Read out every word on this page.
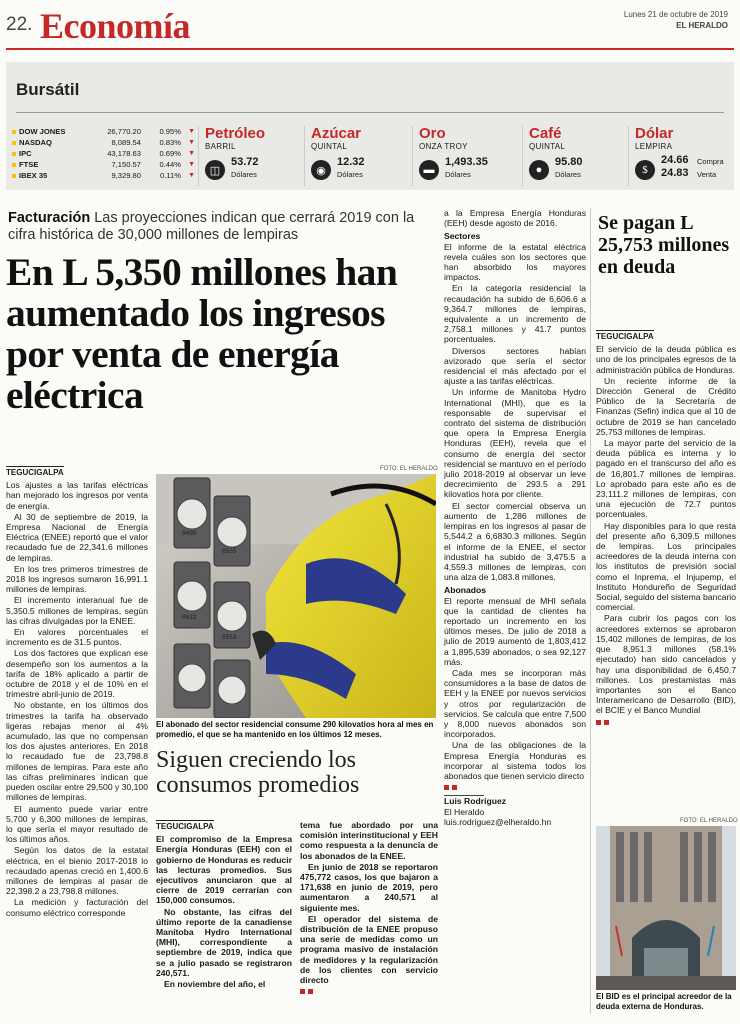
22. Economía	Lunes 21 de octubre de 2019
EL HERALDO
Bursátil
DOW JONES	26,770.20	0.95%	▼
NASDAQ	8,089.54	0.83%	▼
IPC	43,178.63	0.69%	▼
FTSE	7,150.57	0.44%	▼
IBEX 35	9,329.80	0.11%	▼
Petróleo
BARRIL
◫
53.72
Dólares
Azúcar
QUINTAL
◉
12.32
Dólares
Oro
ONZA TROY
▬
1,493.35
Dólares
Café
QUINTAL
●
95.80
Dólares
Dólar
LEMPIRA
$
24.66
24.83
Compra
Venta
Facturación Las proyecciones indican que cerrará 2019 con la cifra histórica de 30,000 millones de lempiras
En L 5,350 millones han aumentado los ingresos por venta de energía eléctrica
TEGUCIGALPA

Los ajustes a las tarifas eléctricas han mejorado los ingresos por venta de energía.

Al 30 de septiembre de 2019, la Empresa Nacional de Energía Eléctrica (ENEE) reportó que el valor recaudado fue de 22,341.6 millones de lempiras.

En los tres primeros trimestres de 2018 los ingresos sumaron 16,991.1 millones de lempiras.

El incremento interanual fue de 5,350.5 millones de lempiras, según las cifras divulgadas por la ENEE.

En valores porcentuales el incremento es de 31.5 puntos.

Los dos factores que explican ese desempeño son los aumentos a la tarifa de 18% aplicado a partir de octubre de 2018 y el de 10% en el trimestre abril-junio de 2019.

No obstante, en los últimos dos trimestres la tarifa ha observado ligeras rebajas menor al 4% acumulado, las que no compensan los dos ajustes anteriores. En 2018 lo recaudado fue de 23,798.8 millones de lempiras. Para este año las cifras preliminares indican que pueden oscilar entre 29,500 y 30,100 millones de lempiras.

El aumento puede variar entre 5,700 y 6,300 millones de lempiras, lo que sería el mayor resultado de los últimos años.

Según los datos de la estatal eléctrica, en el bienio 2017-2018 lo recaudado apenas creció en 1,400.6 millones de lempiras al pasar de 22,398.2 a 23,798.8 millones.

La medición y facturación del consumo eléctrico corresponde

FOTO: EL HERALDO
0605
0555
0622
0553
El abonado del sector residencial consume 290 kilovatios hora al mes en promedio, el que se ha mantenido en los últimos 12 meses.
Siguen creciendo los consumos promedios
TEGUCIGALPA

El compromiso de la Empresa Energía Honduras (EEH) con el gobierno de Honduras es reducir las lecturas promedios. Sus ejecutivos anunciaron que al cierre de 2019 cerrarían con 150,000 consumos.

No obstante, las cifras del último reporte de la canadiense Manitoba Hydro International (MHI), correspondiente a septiembre de 2019, indica que se a julio pasado se registraron 240,571.

En noviembre del año, el

tema fue abordado por una comisión interinstitucional y EEH como respuesta a la denuncia de los abonados de la ENEE.

En junio de 2018 se reportaron 475,772 casos, los que bajaron a 171,638 en junio de 2019, pero aumentaron a 240,571 al siguiente mes.

El operador del sistema de distribución de la ENEE propuso una serie de medidas como un programa masivo de instalación de medidores y la regularización de los clientes con servicio directo

a la Empresa Energía Honduras (EEH) desde agosto de 2016.

Sectores

El informe de la estatal eléctrica revela cuáles son los sectores que han absorbido los mayores impactos.

En la categoría residencial la recaudación ha subido de 6,606.6 a 9,364.7 millones de lempiras, equivalente a un incremento de 2,758.1 millones y 41.7 puntos porcentuales.

Diversos sectores habían avizorado que sería el sector residencial el más afectado por el ajuste a las tarifas eléctricas.

Un informe de Manitoba Hydro International (MHI), que es la responsable de supervisar el contrato del sistema de distribución que opera la Empresa Energía Honduras (EEH), revela que el consumo de energía del sector residencial se mantuvo en el período julio 2018-2019 al observar un leve decrecimiento de 293.5 a 291 kilovatios hora por cliente.

El sector comercial observa un aumento de 1,286 millones de lempiras en los ingresos al pasar de 5,544.2 a 6,6830.3 millones. Según el informe de la ENEE, el sector industrial ha subido de 3,475.5 a 4,559.3 millones de lempiras, con una alza de 1,083.8 millones.

Abonados

El reporte mensual de MHI señala que la cantidad de clientes ha reportado un incremento en los últimos meses. De julio de 2018 a julio de 2019 aumentó de 1,803,412 a 1,895,539 abonados, o sea 92,127 más.

Cada mes se incorporan más consumidores a la base de datos de EEH y la ENEE por nuevos servicios y otros por regularización de servicios. Se calcula que entre 7,500 y 8,000 nuevos abonados son incorporados.

Una de las obligaciones de la Empresa Energía Honduras es incorporar al sistema todos los abonados que tienen servicio directo

Luis Rodríguez
El Heraldo
luis.rodriguez@elheraldo.hn
Se pagan L 25,753 millones en deuda
TEGUCIGALPA

El servicio de la deuda pública es uno de los principales egresos de la administración pública de Honduras.

Un reciente informe de la Dirección General de Crédito Público de la Secretaría de Finanzas (Sefin) indica que al 10 de octubre de 2019 se han cancelado 25,753 millones de lempiras.

La mayor parte del servicio de la deuda pública es interna y lo pagado en el transcurso del año es de 16,801.7 millones de lempiras. Lo aprobado para este año es de 23,111.2 millones de lempiras, con una ejecución de 72.7 puntos porcentuales.

Hay disponibles para lo que resta del presente año 6,309.5 millones de lempiras. Los principales acreedores de la deuda interna con los institutos de previsión social como el Inprema, el Injupemp, el Instituto Hondureño de Seguridad Social, seguido del sistema bancario comercial.

Para cubrir los pagos con los acreedores externos se aprobaron 15,402 millones de lempiras, de los que 8,951.3 millones (58.1% ejecutado) han sido cancelados y hay una disponibilidad de 6,450.7 millones. Los prestamistas más importantes son el Banco Interamericano de Desarrollo (BID), el BCIE y el Banco Mundial

FOTO: EL HERALDO
El BID es el principal acreedor de la deuda externa de Honduras.
